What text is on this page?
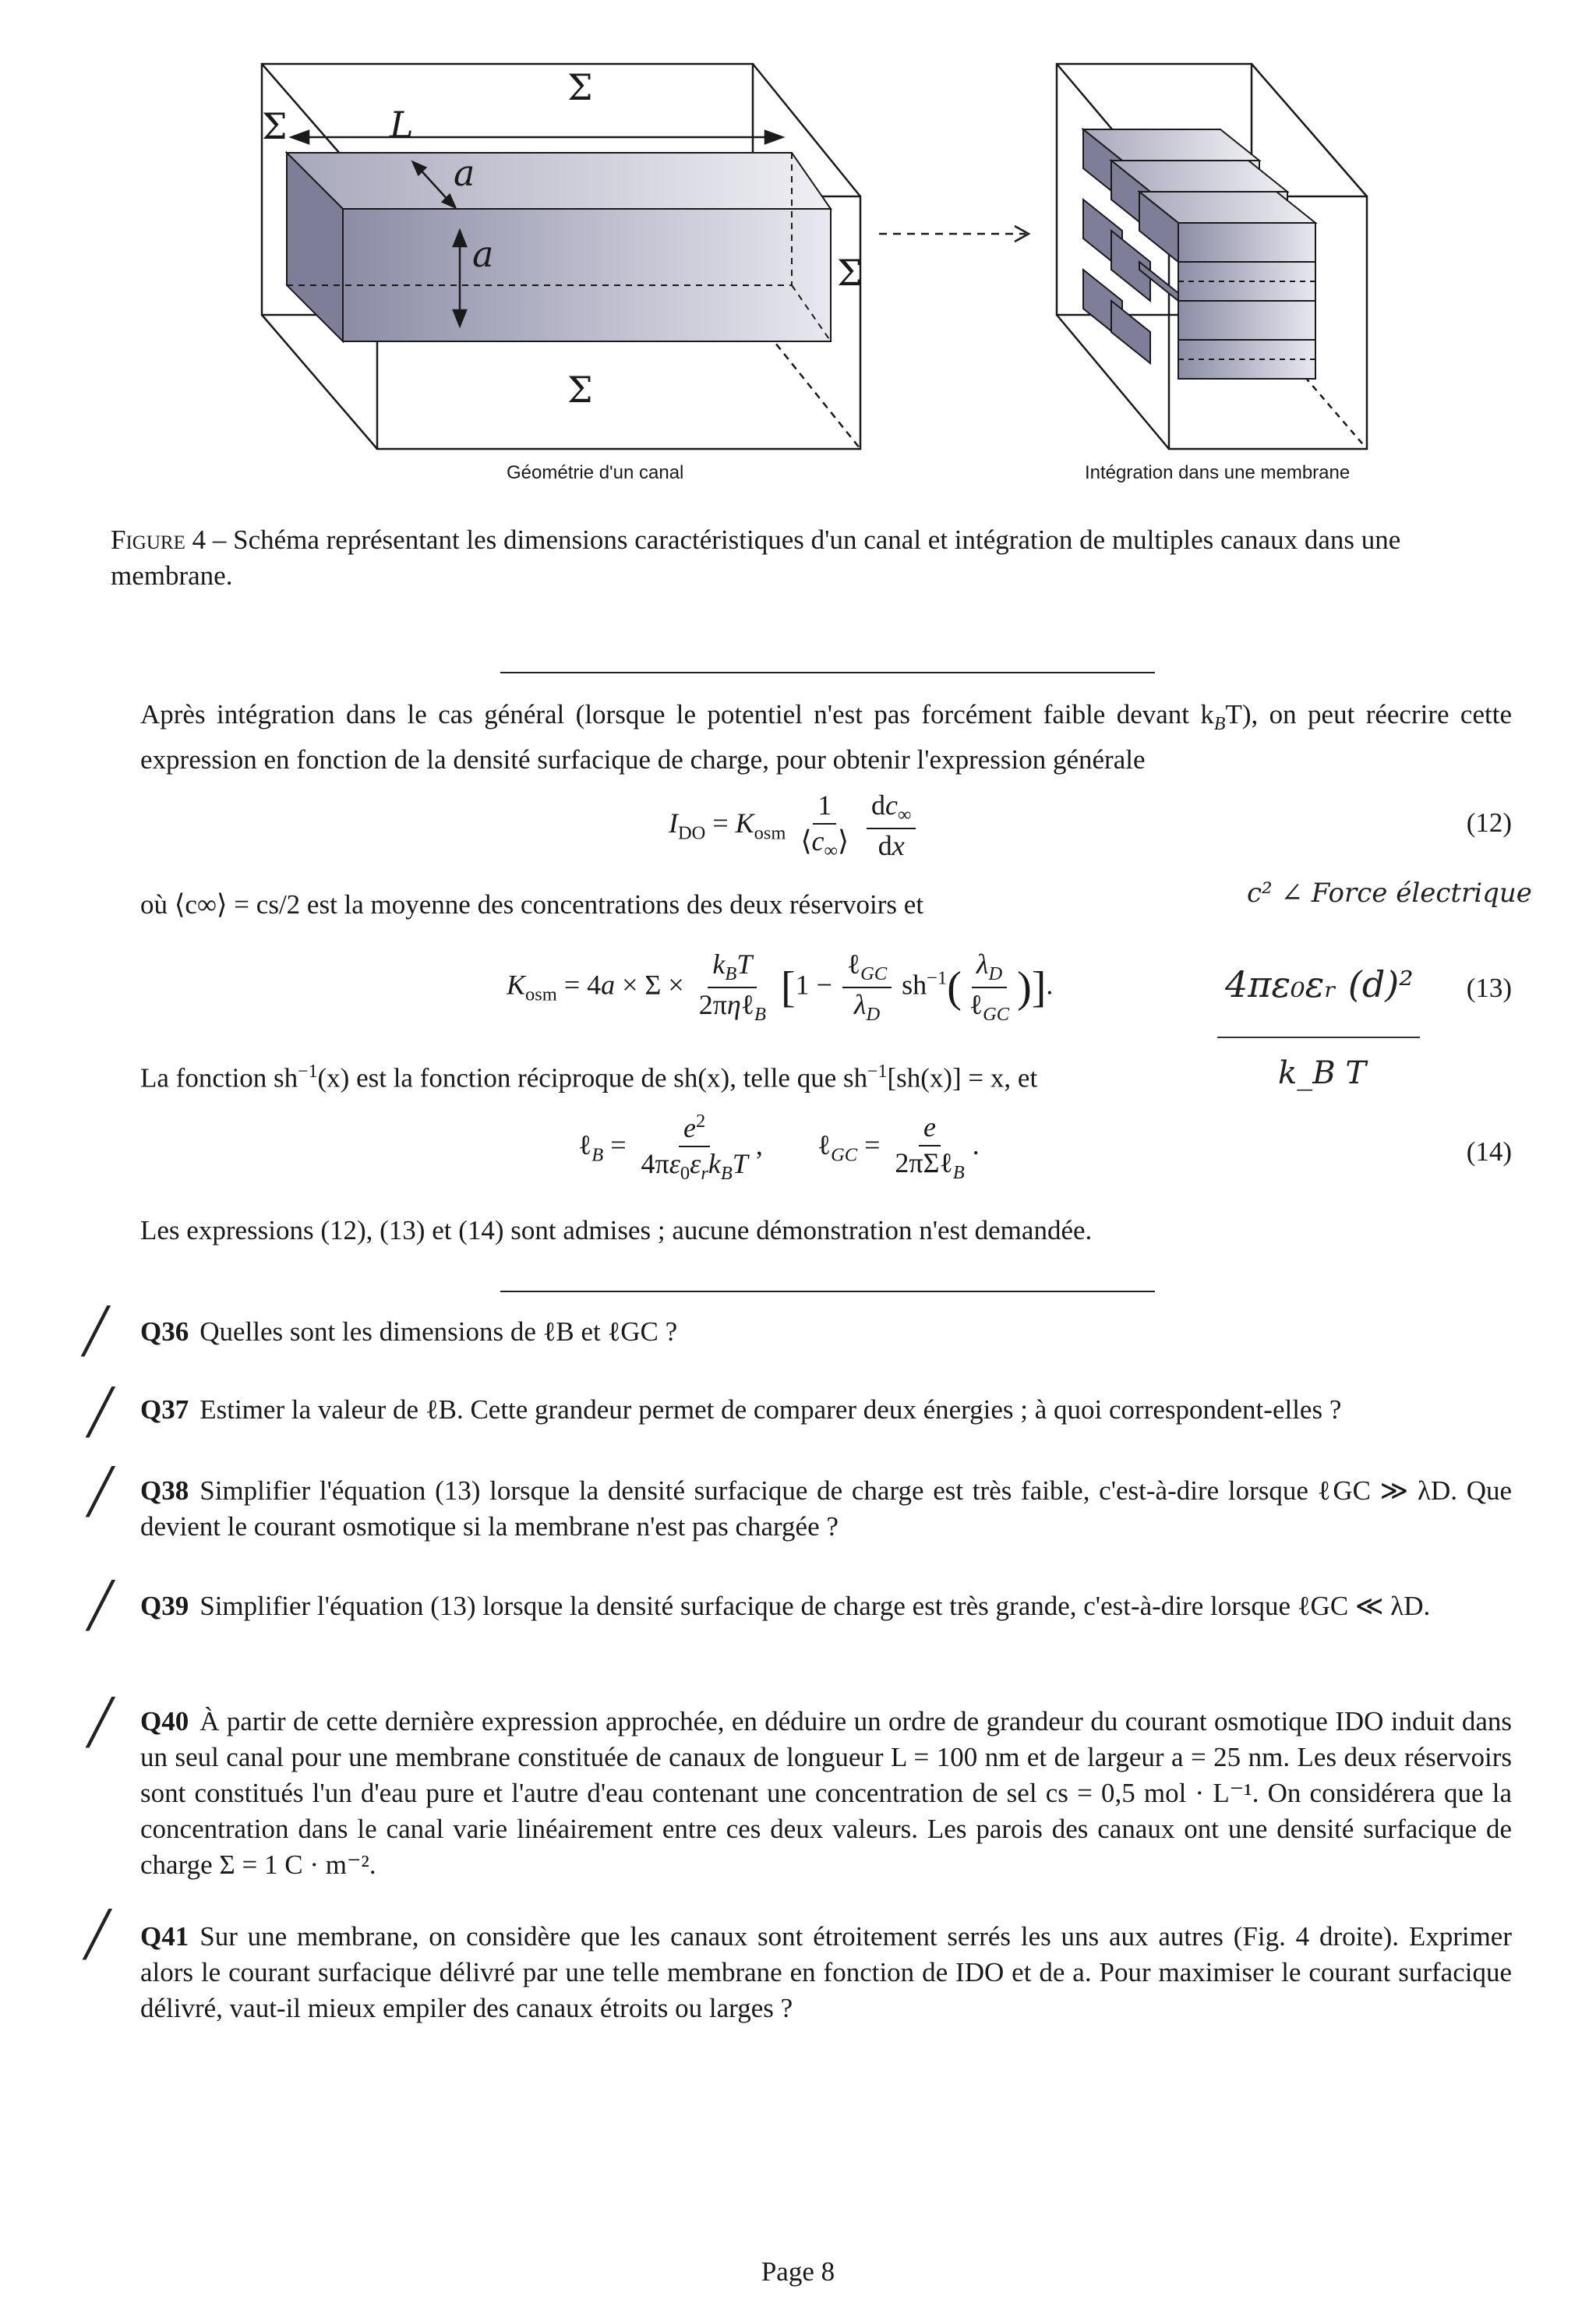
Σ
Σ
Σ
Σ
L
a
a
Géométrie d'un canal	Intégration dans une membrane
Figure 4 – Schéma représentant les dimensions caractéristiques d'un canal et intégration de multiples canaux dans une membrane.
Après intégration dans le cas général (lorsque le potentiel n'est pas forcément faible devant $k_BT$), on peut réecrire cette expression en fonction de la densité surfacique de charge, pour obtenir l'expression générale
$I_{DO} = K_{osm} \frac{1}{⟨c_\infty⟩}$
$\frac{dc_\infty}{dx}$	(12)
où ⟨c∞⟩ = cs/2 est la moyenne des concentrations des deux réservoirs et
$K_{osm} = 4a \times \Sigma \times \frac{k_BT}{2\pi\eta\ell_B} [1 - \frac{\ell_{GC}}{\lambda_D} sh^{-1}( \frac{\lambda_D}{\ell_{GC}}$ )].	(13)
La fonction $sh^{-1}(x)$ est la fonction réciproque de sh(x), telle que $sh^{-1}[sh(x)] = x$, et
ℓ$_B$ = $\frac{e^2}{4\pi\varepsilon_0\varepsilon_rk_BT}$ ,  ℓ$_{GC}$ = $\frac{e}{2\pi\Sigma\ell_B}$ .	(14)
Les expressions (12), (13) et (14) sont admises ; aucune démonstration n'est demandée.
c² ∠ Force électrique
4πε₀εᵣ (d)²
k_B T
╱ Q36 Quelles sont les dimensions de ℓB et ℓGC ?
╱ Q37 Estimer la valeur de ℓB. Cette grandeur permet de comparer deux énergies ; à quoi correspondent-elles ?
╱ Q38 Simplifier l'équation (13) lorsque la densité surfacique de charge est très faible, c'est-à-dire lorsque ℓGC ≫ λD. Que devient le courant osmotique si la membrane n'est pas chargée ?
╱ Q39 Simplifier l'équation (13) lorsque la densité surfacique de charge est très grande, c'est-à-dire lorsque ℓGC ≪ λD.
╱ Q40 À partir de cette dernière expression approchée, en déduire un ordre de grandeur du courant osmotique IDO induit dans un seul canal pour une membrane constituée de canaux de longueur L = 100 nm et de largeur a = 25 nm. Les deux réservoirs sont constitués l'un d'eau pure et l'autre d'eau contenant une concentration de sel cs = 0,5 mol · L⁻¹. On considérera que la concentration dans le canal varie linéairement entre ces deux valeurs. Les parois des canaux ont une densité surfacique de charge Σ = 1 C · m⁻².
╱ Q41 Sur une membrane, on considère que les canaux sont étroitement serrés les uns aux autres (Fig. 4 droite). Exprimer alors le courant surfacique délivré par une telle membrane en fonction de IDO et de a. Pour maximiser le courant surfacique délivré, vaut-il mieux empiler des canaux étroits ou larges ?
Page 8
